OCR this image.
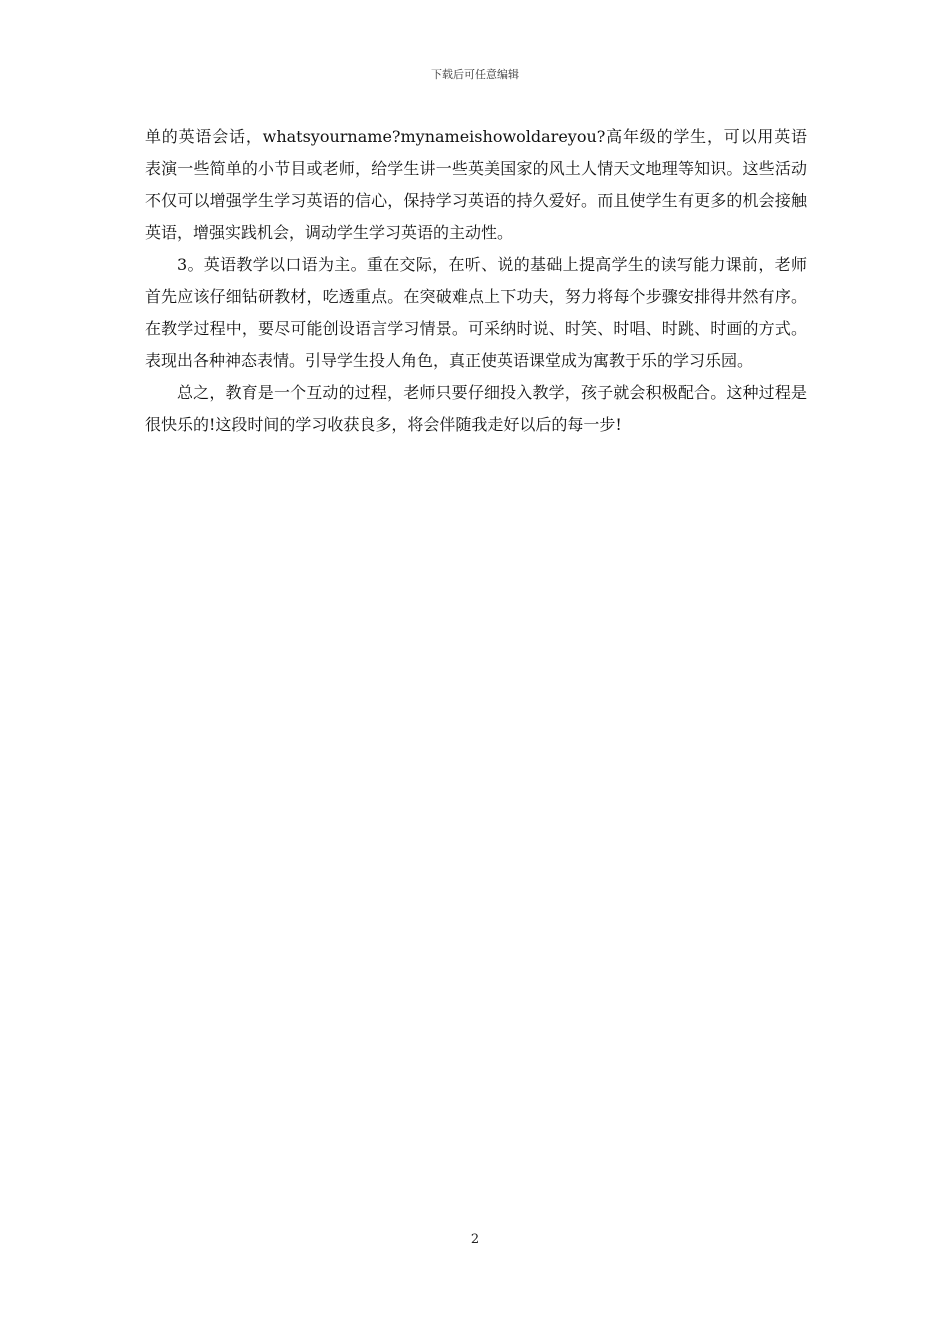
下载后可任意编辑

单的英语会话，whatsyourname?mynameishowoldareyou?高年级的学生，可以用英语表演一些简单的小节目或老师，给学生讲一些英美国家的风土人情天文地理等知识。这些活动不仅可以增强学生学习英语的信心，保持学习英语的持久爱好。而且使学生有更多的机会接触英语，增强实践机会，调动学生学习英语的主动性。

3。英语教学以口语为主。重在交际，在听、说的基础上提高学生的读写能力课前，老师首先应该仔细钻研教材，吃透重点。在突破难点上下功夫，努力将每个步骤安排得井然有序。在教学过程中，要尽可能创设语言学习情景。可采纳时说、时笑、时唱、时跳、时画的方式。表现出各种神态表情。引导学生投人角色，真正使英语课堂成为寓教于乐的学习乐园。

总之，教育是一个互动的过程，老师只要仔细投入教学，孩子就会积极配合。这种过程是很快乐的!这段时间的学习收获良多，将会伴随我走好以后的每一步!

2
